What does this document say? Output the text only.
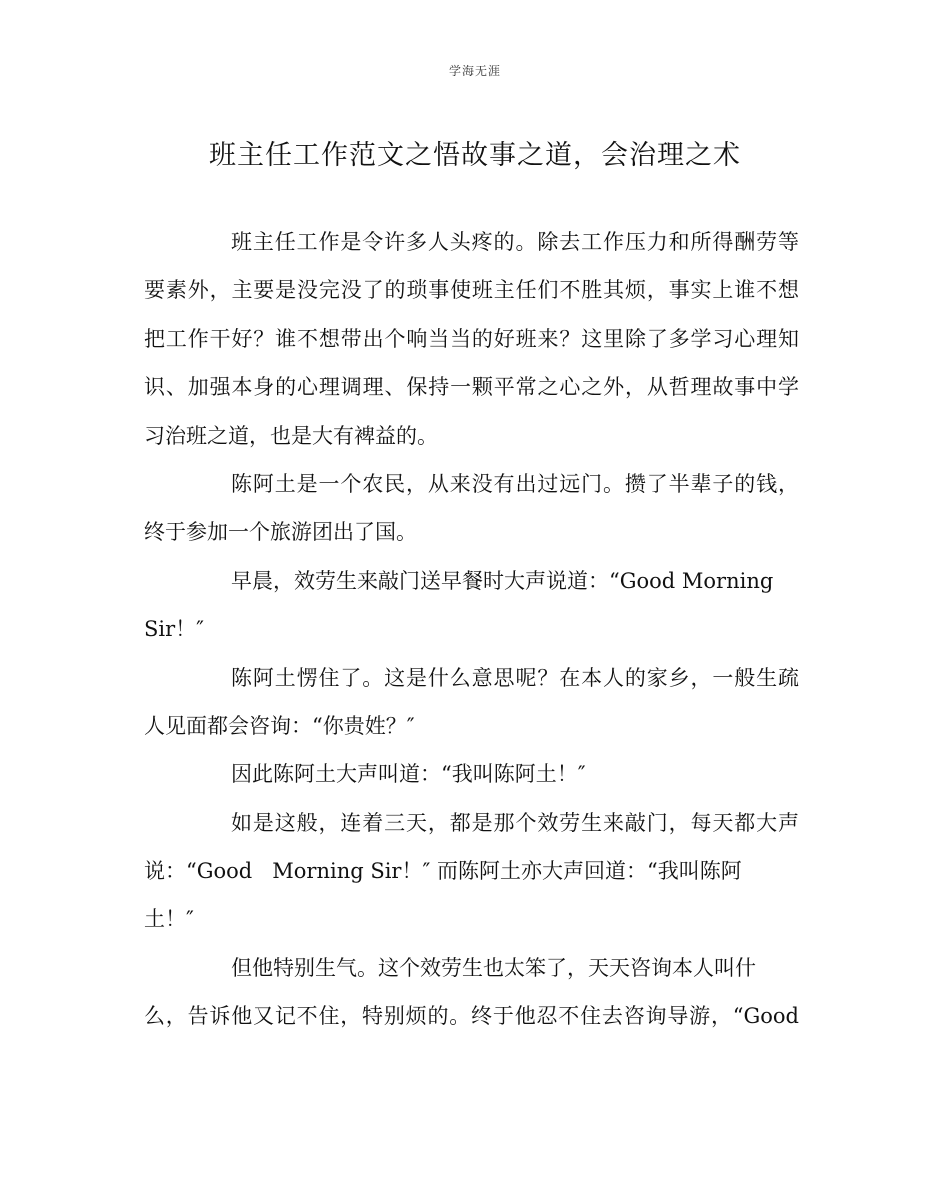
学海无涯
班主任工作范文之悟故事之道，会治理之术
班主任工作是令许多人头疼的。除去工作压力和所得酬劳等
要素外，主要是没完没了的琐事使班主任们不胜其烦，事实上谁不想
把工作干好？谁不想带出个响当当的好班来？这里除了多学习心理知
识、加强本身的心理调理、保持一颗平常之心之外，从哲理故事中学
习治班之道，也是大有裨益的。
陈阿土是一个农民，从来没有出过远门。攒了半辈子的钱，
终于参加一个旅游团出了国。
早晨，效劳生来敲门送早餐时大声说道：“Good Morning
Sir！″
陈阿土愣住了。这是什么意思呢？在本人的家乡，一般生疏
人见面都会咨询：“你贵姓？″
因此陈阿土大声叫道：“我叫陈阿土！″
如是这般，连着三天，都是那个效劳生来敲门，每天都大声
说：“Good   Morning Sir！″ 而陈阿土亦大声回道：“我叫陈阿
土！″
但他特别生气。这个效劳生也太笨了，天天咨询本人叫什
么，告诉他又记不住，特别烦的。终于他忍不住去咨询导游，“Good
